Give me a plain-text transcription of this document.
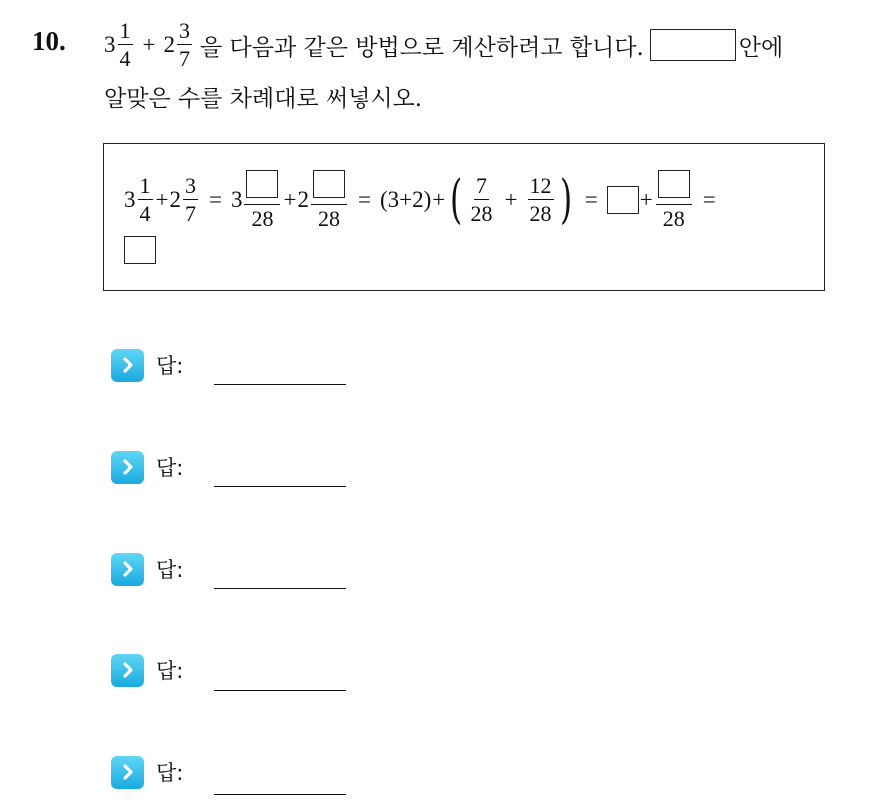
10. $3 \frac{1}{4} + 2 \frac{3}{7}$ 을 다음과 같은 방법으로 계산하려고 합니다.	안에
알맞은 수를 차례대로 써넣시오.
$3 \frac{1}{4} + 2 \frac{3}{7} = 3$
28
+ 2
28
= (3+2) + ( $\frac{7}{28} + \frac{12}{28}$ ) = +
28
=
답:
답:
답:
답:
답:
